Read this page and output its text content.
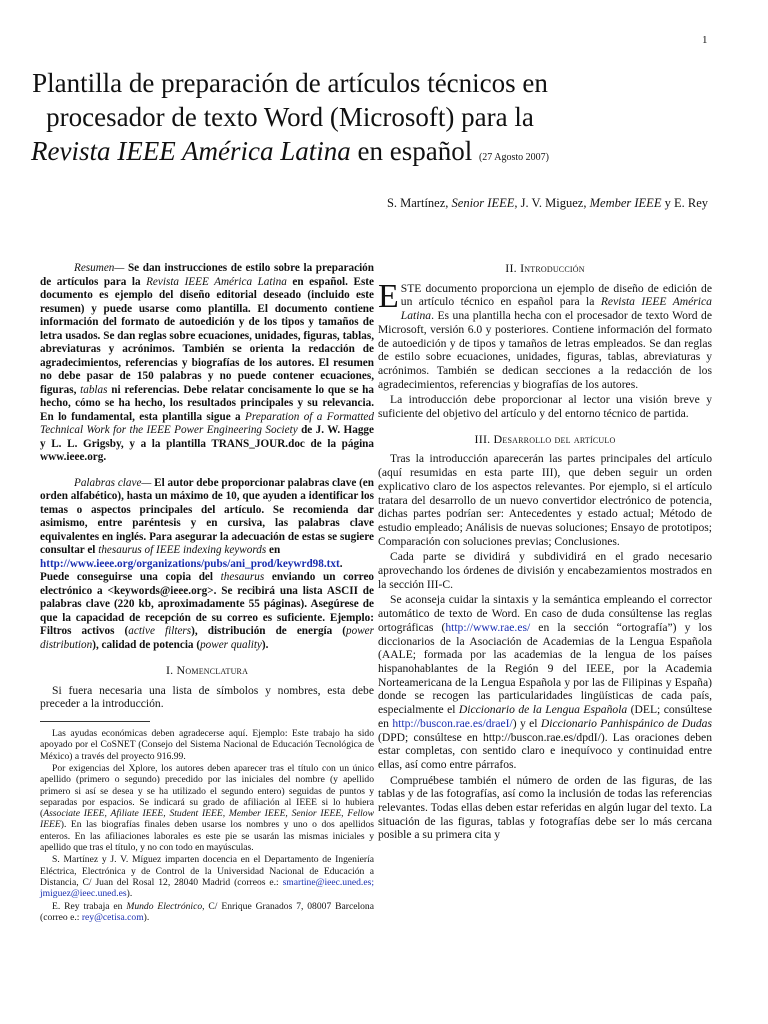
1
Plantilla de preparación de artículos técnicos en
procesador de texto Word (Microsoft) para la
Revista IEEE América Latina en español (27 Agosto 2007)
S. Martínez, Senior IEEE, J. V. Miguez, Member IEEE y E. Rey

Resumen— Se dan instrucciones de estilo sobre la preparación de artículos para la Revista IEEE América Latina en español. Este documento es ejemplo del diseño editorial deseado (incluido este resumen) y puede usarse como plantilla. El documento contiene información del formato de autoedición y de los tipos y tamaños de letra usados. Se dan reglas sobre ecuaciones, unidades, figuras, tablas, abreviaturas y acrónimos. También se orienta la redacción de agradecimientos, referencias y biografías de los autores. El resumen no debe pasar de 150 palabras y no puede contener ecuaciones, figuras, tablas ni referencias. Debe relatar concisamente lo que se ha hecho, cómo se ha hecho, los resultados principales y su relevancia. En lo fundamental, esta plantilla sigue a Preparation of a Formatted Technical Work for the IEEE Power Engineering Society de J. W. Hagge y L. L. Grigsby, y a la plantilla TRANS_JOUR.doc de la página www.ieee.org.

Palabras clave— El autor debe proporcionar palabras clave (en orden alfabético), hasta un máximo de 10, que ayuden a identificar los temas o aspectos principales del artículo. Se recomienda dar asimismo, entre paréntesis y en cursiva, las palabras clave equivalentes en inglés. Para asegurar la adecuación de estas se sugiere consultar el thesaurus of IEEE indexing keywords en
http://www.ieee.org/organizations/pubs/ani_prod/keywrd98.txt. Puede conseguirse una copia del thesaurus enviando un correo electrónico a <keywords@ieee.org>. Se recibirá una lista ASCII de palabras clave (220 kb, aproximadamente 55 páginas). Asegúrese de que la capacidad de recepción de su correo es suficiente. Ejemplo: Filtros activos (active filters), distribución de energía (power distribution), calidad de potencia (power quality).

I. Nomenclatura

Si fuera necesaria una lista de símbolos y nombres, esta debe preceder a la introducción.

Las ayudas económicas deben agradecerse aquí. Ejemplo: Este trabajo ha sido apoyado por el CoSNET (Consejo del Sistema Nacional de Educación Tecnológica de México) a través del proyecto 916.99.

Por exigencias del Xplore, los autores deben aparecer tras el título con un único apellido (primero o segundo) precedido por las iniciales del nombre (y apellido primero si así se desea y se ha utilizado el segundo entero) seguidas de puntos y separadas por espacios. Se indicará su grado de afiliación al IEEE si lo hubiera (Associate IEEE, Afiliate IEEE, Student IEEE, Member IEEE, Senior IEEE, Fellow IEEE). En las biografías finales deben usarse los nombres y uno o dos apellidos enteros. En las afiliaciones laborales es este pie se usarán las mismas iniciales y apellido que tras el título, y no con todo en mayúsculas.

S. Martínez y J. V. Míguez imparten docencia en el Departamento de Ingeniería Eléctrica, Electrónica y de Control de la Universidad Nacional de Educación a Distancia, C/ Juan del Rosal 12, 28040 Madrid (correos e.: smartine@ieec.uned.es; jmiguez@ieec.uned.es).

E. Rey trabaja en Mundo Electrónico, C/ Enrique Granados 7, 08007 Barcelona (correo e.: rey@cetisa.com).

II. Introducción

ESTE documento proporciona un ejemplo de diseño de edición de un artículo técnico en español para la Revista IEEE América Latina. Es una plantilla hecha con el procesador de texto Word de Microsoft, versión 6.0 y posteriores. Contiene información del formato de autoedición y de tipos y tamaños de letras empleados. Se dan reglas de estilo sobre ecuaciones, unidades, figuras, tablas, abreviaturas y acrónimos. También se dedican secciones a la redacción de los agradecimientos, referencias y biografías de los autores.

La introducción debe proporcionar al lector una visión breve y suficiente del objetivo del artículo y del entorno técnico de partida.

III. Desarrollo del artículo

Tras la introducción aparecerán las partes principales del artículo (aquí resumidas en esta parte III), que deben seguir un orden explicativo claro de los aspectos relevantes. Por ejemplo, si el artículo tratara del desarrollo de un nuevo convertidor electrónico de potencia, dichas partes podrían ser: Antecedentes y estado actual; Método de estudio empleado; Análisis de nuevas soluciones; Ensayo de prototipos; Comparación con soluciones previas; Conclusiones.

Cada parte se dividirá y subdividirá en el grado necesario aprovechando los órdenes de división y encabezamientos mostrados en la sección III-C.

Se aconseja cuidar la sintaxis y la semántica empleando el corrector automático de texto de Word. En caso de duda consúltense las reglas ortográficas (http://www.rae.es/ en la sección “ortografía”) y los diccionarios de la Asociación de Academias de la Lengua Española (AALE; formada por las academias de la lengua de los países hispanohablantes de la Región 9 del IEEE, por la Academia Norteamericana de la Lengua Española y por las de Filipinas y España) donde se recogen las particularidades lingüísticas de cada país, especialmente el Diccionario de la Lengua Española (DEL; consúltese en http://buscon.rae.es/draeI/) y el Diccionario Panhispánico de Dudas (DPD; consúltese en http://buscon.rae.es/dpdI/). Las oraciones deben estar completas, con sentido claro e inequívoco y continuidad entre ellas, así como entre párrafos.

Compruébese también el número de orden de las figuras, de las tablas y de las fotografías, así como la inclusión de todas las referencias relevantes. Todas ellas deben estar referidas en algún lugar del texto. La situación de las figuras, tablas y fotografías debe ser lo más cercana posible a su primera cita y
